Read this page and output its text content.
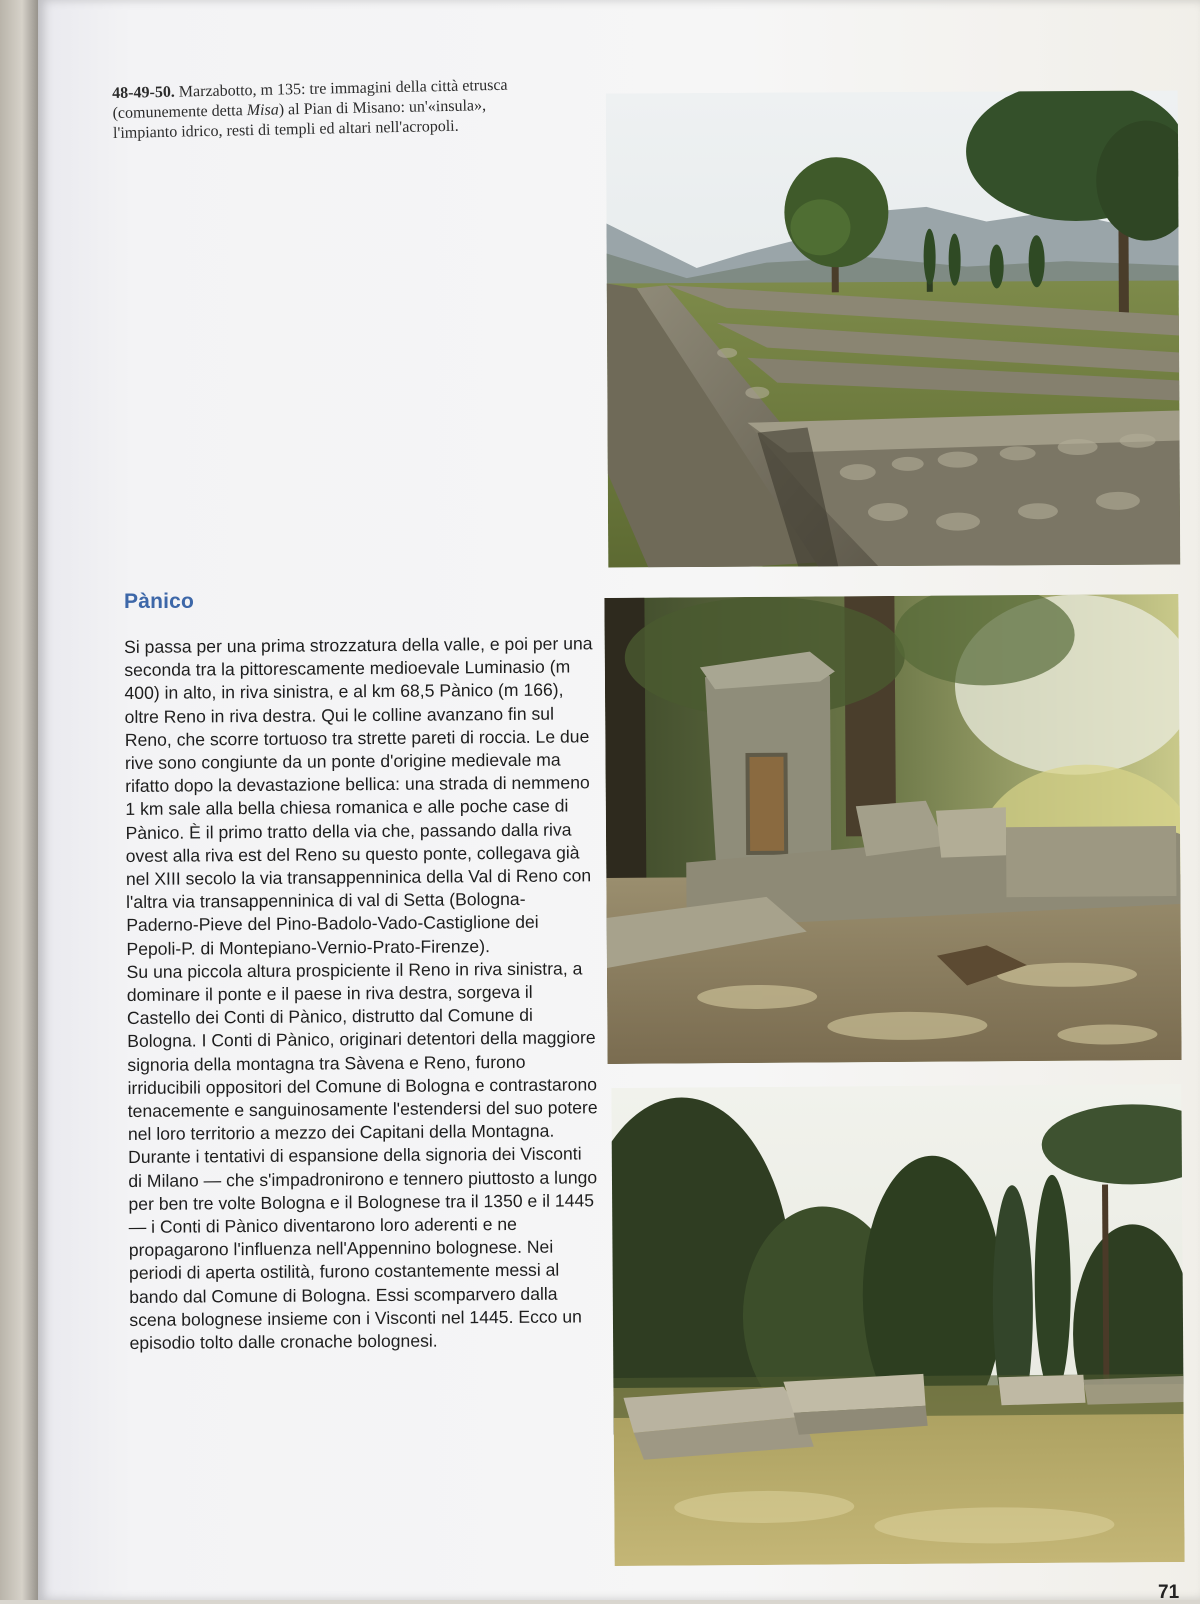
48-49-50. Marzabotto, m 135: tre immagini della città etrusca (comunemente detta Misa) al Pian di Misano: un'«insula», l'impianto idrico, resti di templi ed altari nell'acropoli.
Pànico

Si passa per una prima strozzatura della valle, e poi per una seconda tra la pittorescamente medioevale Luminasio (m 400) in alto, in riva sinistra, e al km 68,5 Pànico (m 166), oltre Reno in riva destra. Qui le colline avanzano fin sul Reno, che scorre tortuoso tra strette pareti di roccia. Le due rive sono congiunte da un ponte d'origine medievale ma rifatto dopo la devastazione bellica: una strada di nemmeno 1 km sale alla bella chiesa romanica e alle poche case di Pànico. È il primo tratto della via che, passando dalla riva ovest alla riva est del Reno su questo ponte, collegava già nel XIII secolo la via transappenninica della Val di Reno con l'altra via transappenninica di val di Setta (Bologna-Paderno-Pieve del Pino-Badolo-Vado-Castiglione dei Pepoli-P. di Montepiano-Vernio-Prato-Firenze).

Su una piccola altura prospiciente il Reno in riva sinistra, a dominare il ponte e il paese in riva destra, sorgeva il Castello dei Conti di Pànico, distrutto dal Comune di Bologna. I Conti di Pànico, originari detentori della maggiore signoria della montagna tra Sàvena e Reno, furono irriducibili oppositori del Comune di Bologna e contrastarono tenacemente e sanguinosamente l'estendersi del suo potere nel loro territorio a mezzo dei Capitani della Montagna. Durante i tentativi di espansione della signoria dei Visconti di Milano — che s'impadronirono e tennero piuttosto a lungo per ben tre volte Bologna e il Bolognese tra il 1350 e il 1445 — i Conti di Pànico diventarono loro aderenti e ne propagarono l'influenza nell'Appennino bolognese. Nei periodi di aperta ostilità, furono costantemente messi al bando dal Comune di Bologna. Essi scomparvero dalla scena bolognese insieme con i Visconti nel 1445. Ecco un episodio tolto dalle cronache bolognesi.

71
